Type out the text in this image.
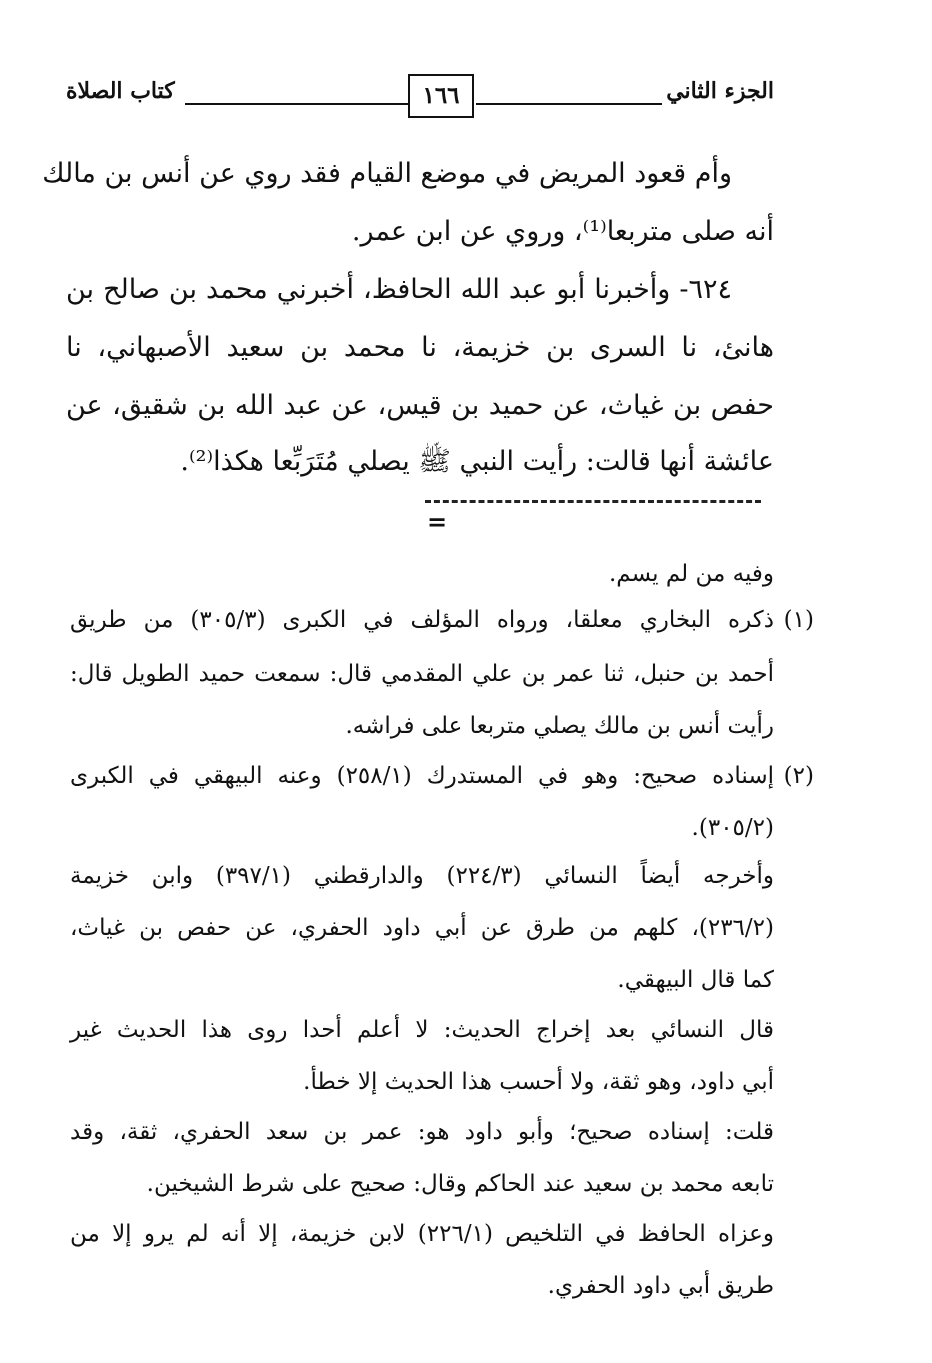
الجزء الثاني
١٦٦
كتاب الصلاة
وأم قعود المريض في موضع القيام فقد روي عن أنس بن مالك
أنه صلى متربعا⁽¹⁾، وروي عن ابن عمر.
٦٢٤- وأخبرنا أبو عبد الله الحافظ، أخبرني محمد بن صالح بن
هانئ، نا السرى بن خزيمة، نا محمد بن سعيد الأصبهاني، نا
حفص بن غياث، عن حميد بن قيس، عن عبد الله بن شقيق، عن
عائشة أنها قالت: رأيت النبي ﷺ يصلي مُتَرَبِّعا هكذا⁽²⁾.
=
وفيه من لم يسم.
(١)
ذكره البخاري معلقا، ورواه المؤلف في الكبرى (٣٠٥/٣) من طريق
أحمد بن حنبل، ثنا عمر بن علي المقدمي قال: سمعت حميد الطويل قال:
رأيت أنس بن مالك يصلي متربعا على فراشه.
(٢)
إسناده صحيح: وهو في المستدرك (٢٥٨/١) وعنه البيهقي في الكبرى
(٣٠٥/٢).
وأخرجه أيضاً النسائي (٢٢٤/٣) والدارقطني (٣٩٧/١) وابن خزيمة
(٢٣٦/٢)، كلهم من طرق عن أبي داود الحفري، عن حفص بن غياث،
كما قال البيهقي.
قال النسائي بعد إخراج الحديث: لا أعلم أحدا روى هذا الحديث غير
أبي داود، وهو ثقة، ولا أحسب هذا الحديث إلا خطأ.
قلت: إسناده صحيح؛ وأبو داود هو: عمر بن سعد الحفري، ثقة، وقد
تابعه محمد بن سعيد عند الحاكم وقال: صحيح على شرط الشيخين.
وعزاه الحافظ في التلخيص (٢٢٦/١) لابن خزيمة، إلا أنه لم يرو إلا من
طريق أبي داود الحفري.
